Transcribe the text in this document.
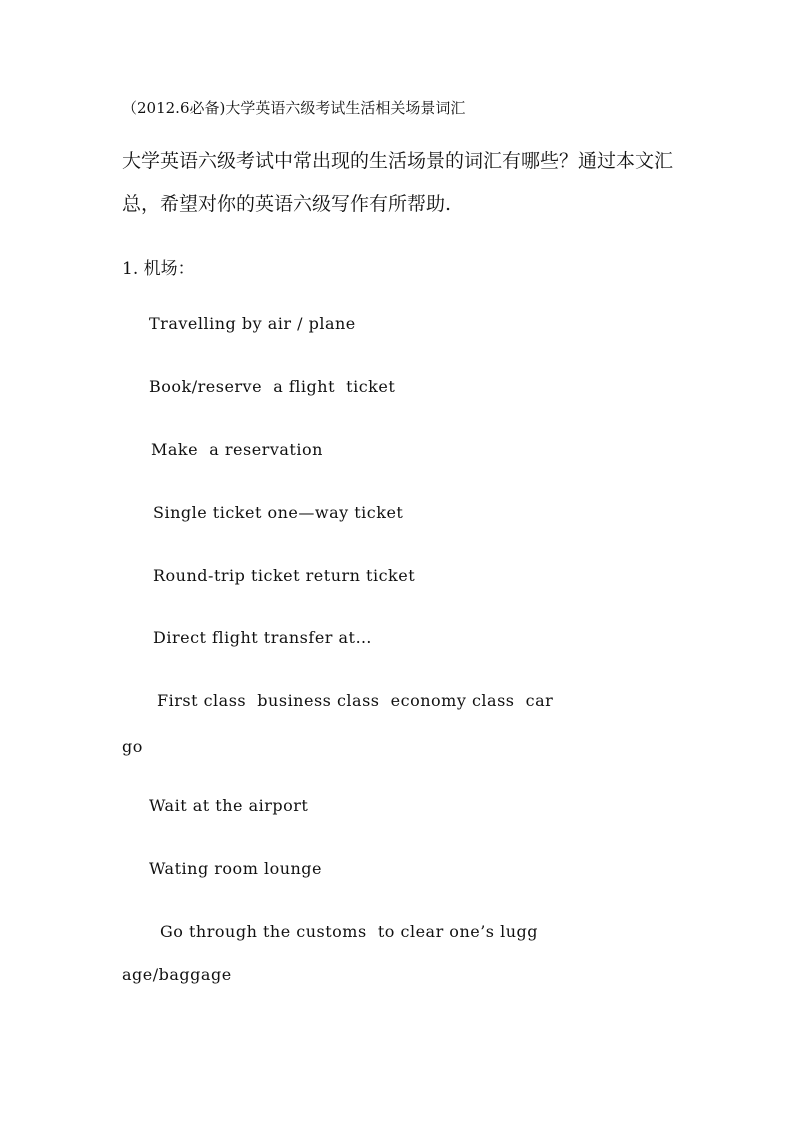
（2012.6必备)大学英语六级考试生活相关场景词汇

大学英语六级考试中常出现的生活场景的词汇有哪些？通过本文汇

总，希望对你的英语六级写作有所帮助.

1. 机场：

Travelling by air / plane

Book/reserve  a flight  ticket

Make  a reservation

Single ticket one—way ticket

Round-trip ticket return ticket

Direct flight transfer at…

First class  business class  economy class  car

go

Wait at the airport

Wating room lounge

Go through the customs  to clear one’s lugg

age/baggage
